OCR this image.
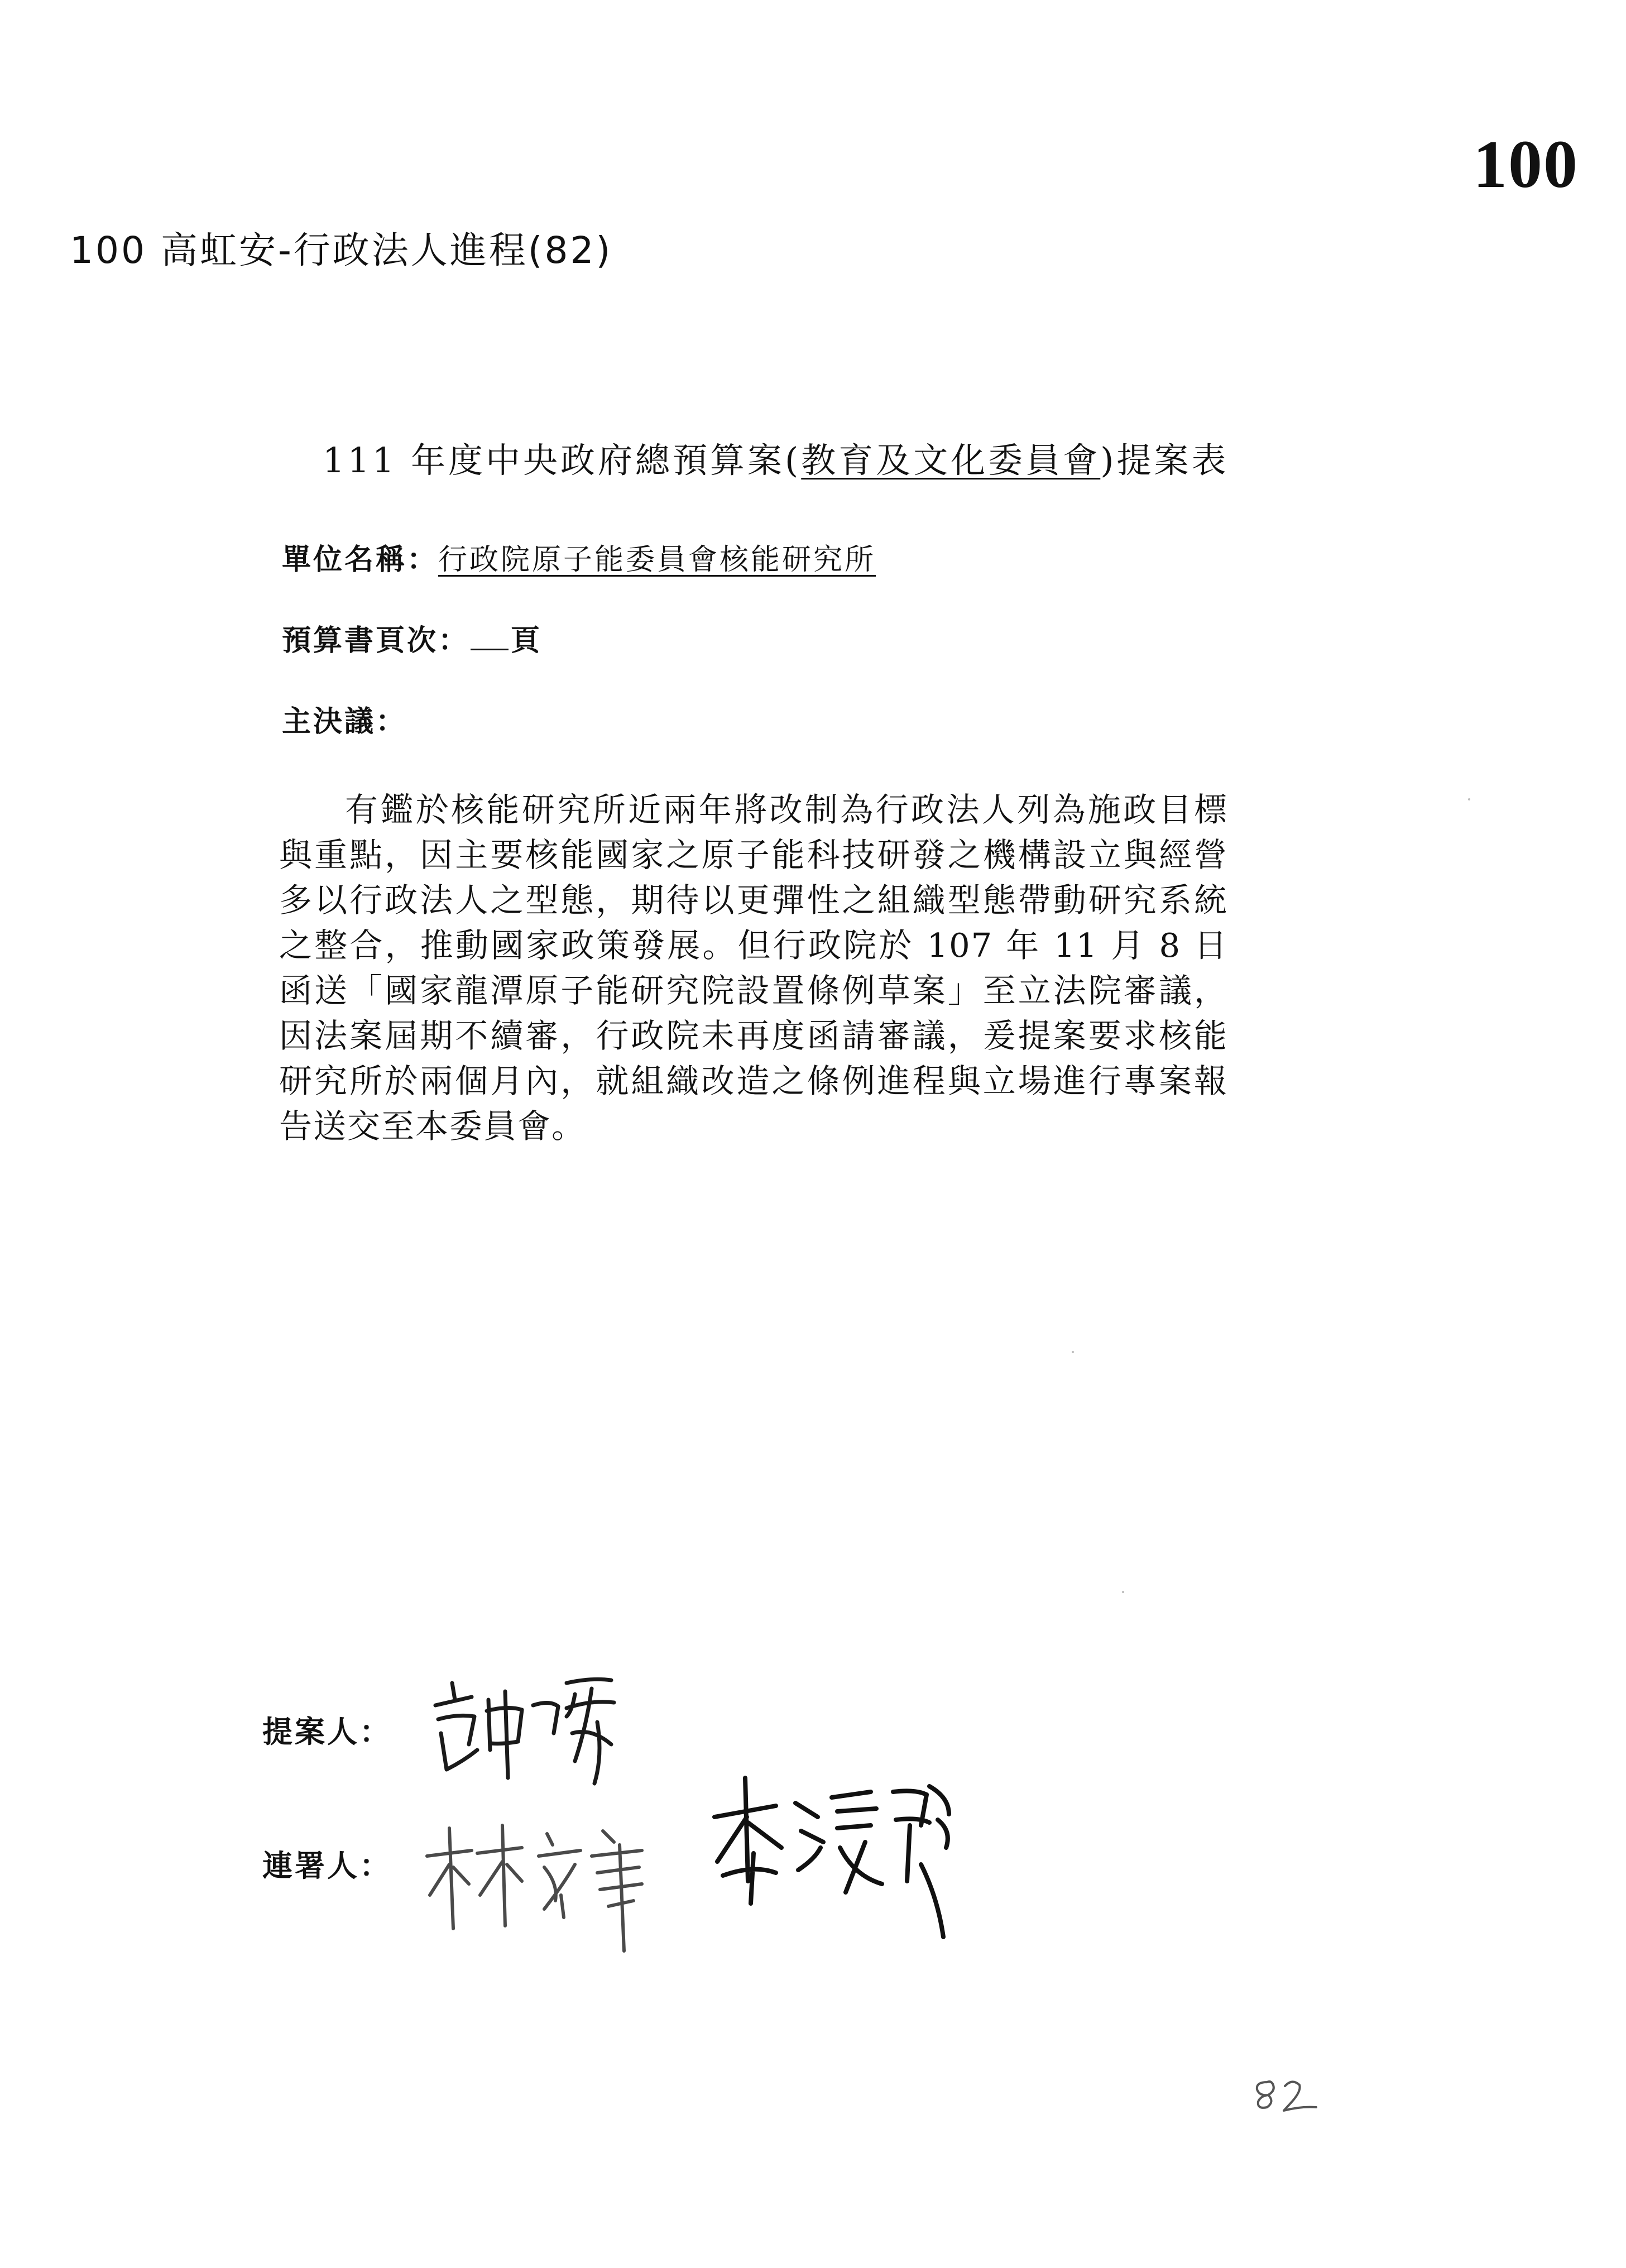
100
100 高虹安-行政法人進程(82)
111 年度中央政府總預算案(教育及文化委員會)提案表
單位名稱：行政院原子能委員會核能研究所
預算書頁次： 頁
主決議：

有鑑於核能研究所近兩年將改制為行政法人列為施政目標與重點，因主要核能國家之原子能科技研發之機構設立與經營多以行政法人之型態，期待以更彈性之組織型態帶動研究系統之整合，推動國家政策發展。但行政院於 107 年 11 月 8 日函送「國家龍潭原子能研究院設置條例草案」至立法院審議，因法案屆期不續審，行政院未再度函請審議，爰提案要求核能研究所於兩個月內，就組織改造之條例進程與立場進行專案報告送交至本委員會。

提案人：
連署人：
